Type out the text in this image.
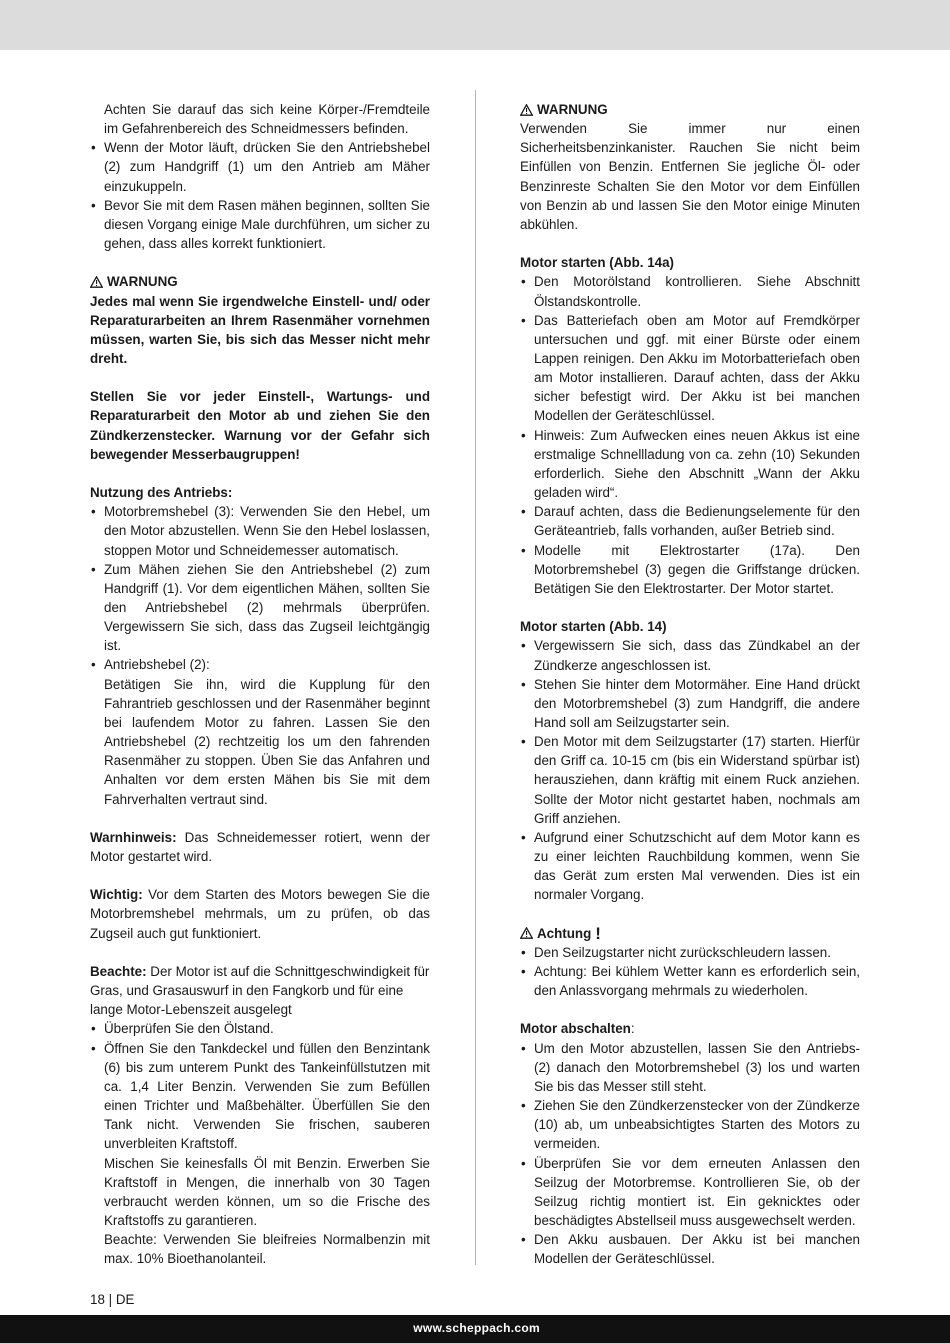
Achten Sie darauf das sich keine Körper-/Fremdteile im Gefahrenbereich des Schneidmessers befinden.

• Wenn der Motor läuft, drücken Sie den Antriebshebel (2) zum Handgriff (1) um den Antrieb am Mäher einzukuppeln.
• Bevor Sie mit dem Rasen mähen beginnen, sollten Sie diesen Vorgang einige Male durchführen, um sicher zu gehen, dass alles korrekt funktioniert.
WARNUNG

Jedes mal wenn Sie irgendwelche Einstell- und/ oder Reparaturarbeiten an Ihrem Rasenmäher vornehmen müssen, warten Sie, bis sich das Messer nicht mehr dreht.

Stellen Sie vor jeder Einstell-, Wartungs- und Reparaturarbeit den Motor ab und ziehen Sie den Zündkerzenstecker. Warnung vor der Gefahr sich bewegender Messerbaugruppen!

Nutzung des Antriebs:

• Motorbremshebel (3): Verwenden Sie den Hebel, um den Motor abzustellen. Wenn Sie den Hebel loslassen, stoppen Motor und Schneidemesser automatisch.
• Zum Mähen ziehen Sie den Antriebshebel (2) zum Handgriff (1). Vor dem eigentlichen Mähen, sollten Sie den Antriebshebel (2) mehrmals überprüfen. Vergewissern Sie sich, dass das Zugseil leichtgängig ist.
• Antriebshebel (2):
Betätigen Sie ihn, wird die Kupplung für den Fahrantrieb geschlossen und der Rasenmäher beginnt bei laufendem Motor zu fahren. Lassen Sie den Antriebshebel (2) rechtzeitig los um den fahrenden Rasenmäher zu stoppen. Üben Sie das Anfahren und Anhalten vor dem ersten Mähen bis Sie mit dem Fahrverhalten vertraut sind.

Warnhinweis: Das Schneidemesser rotiert, wenn der Motor gestartet wird.

Wichtig: Vor dem Starten des Motors bewegen Sie die Motorbremshebel mehrmals, um zu prüfen, ob das Zugseil auch gut funktioniert.

Beachte: Der Motor ist auf die Schnittgeschwindigkeit für Gras, und Grasauswurf in den Fangkorb und für eine lange Motor-Lebenszeit ausgelegt

• Überprüfen Sie den Ölstand.
• Öffnen Sie den Tankdeckel und füllen den Benzintank (6) bis zum unterem Punkt des Tankeinfüllstutzen mit ca. 1,4 Liter Benzin. Verwenden Sie zum Befüllen einen Trichter und Maßbehälter. Überfüllen Sie den Tank nicht. Verwenden Sie frischen, sauberen unverbleiten Kraftstoff.
Mischen Sie keinesfalls Öl mit Benzin. Erwerben Sie Kraftstoff in Mengen, die innerhalb von 30 Tagen verbraucht werden können, um so die Frische des Kraftstoffs zu garantieren.
Beachte: Verwenden Sie bleifreies Normalbenzin mit max. 10% Bioethanolanteil.
WARNUNG

Verwenden Sie immer nur einen Sicherheitsbenzinkanister. Rauchen Sie nicht beim Einfüllen von Benzin. Entfernen Sie jegliche Öl- oder Benzinreste Schalten Sie den Motor vor dem Einfüllen von Benzin ab und lassen Sie den Motor einige Minuten abkühlen.

Motor starten (Abb. 14a)

• Den Motorölstand kontrollieren. Siehe Abschnitt Ölstandskontrolle.
• Das Batteriefach oben am Motor auf Fremdkörper untersuchen und ggf. mit einer Bürste oder einem Lappen reinigen. Den Akku im Motorbatteriefach oben am Motor installieren. Darauf achten, dass der Akku sicher befestigt wird. Der Akku ist bei manchen Modellen der Geräteschlüssel.
• Hinweis: Zum Aufwecken eines neuen Akkus ist eine erstmalige Schnellladung von ca. zehn (10) Sekunden erforderlich. Siehe den Abschnitt „Wann der Akku geladen wird“.
• Darauf achten, dass die Bedienungselemente für den Geräteantrieb, falls vorhanden, außer Betrieb sind.
• Modelle mit Elektrostarter (17a). Den Motorbremshebel (3) gegen die Griffstange drücken. Betätigen Sie den Elektrostarter. Der Motor startet.

Motor starten (Abb. 14)

• Vergewissern Sie sich, dass das Zündkabel an der Zündkerze angeschlossen ist.
• Stehen Sie hinter dem Motormäher. Eine Hand drückt den Motorbremshebel (3) zum Handgriff, die andere Hand soll am Seilzugstarter sein.
• Den Motor mit dem Seilzugstarter (17) starten. Hierfür den Griff ca. 10-15 cm (bis ein Widerstand spürbar ist) herausziehen, dann kräftig mit einem Ruck anziehen. Sollte der Motor nicht gestartet haben, nochmals am Griff anziehen.
• Aufgrund einer Schutzschicht auf dem Motor kann es zu einer leichten Rauchbildung kommen, wenn Sie das Gerät zum ersten Mal verwenden. Dies ist ein normaler Vorgang.
Achtung !
• Den Seilzugstarter nicht zurückschleudern lassen.
• Achtung: Bei kühlem Wetter kann es erforderlich sein, den Anlassvorgang mehrmals zu wiederholen.

Motor abschalten:

• Um den Motor abzustellen, lassen Sie den Antriebs- (2) danach den Motorbremshebel (3) los und warten Sie bis das Messer still steht.
• Ziehen Sie den Zündkerzenstecker von der Zündkerze (10) ab, um unbeabsichtigtes Starten des Motors zu vermeiden.
• Überprüfen Sie vor dem erneuten Anlassen den Seilzug der Motorbremse. Kontrollieren Sie, ob der Seilzug richtig montiert ist. Ein geknicktes oder beschädigtes Abstellseil muss ausgewechselt werden.
• Den Akku ausbauen. Der Akku ist bei manchen Modellen der Geräteschlüssel.
18 | DE
www.scheppach.com
